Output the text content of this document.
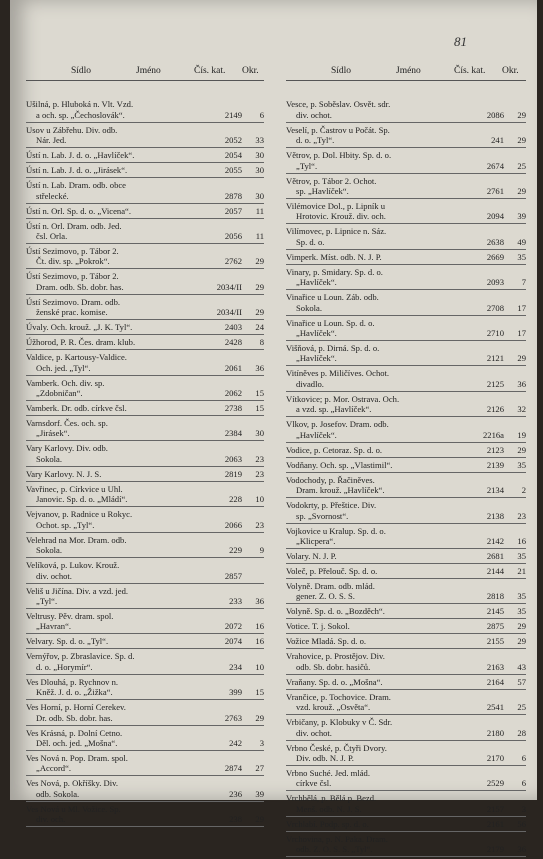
81
Sídlo	Jméno	Čís. kat.	Okr.
Ušilná, p. Hluboká n. Vlt. Vzd.
a och. sp. „Čechoslovák“.	2149	6
Usov u Zábřehu. Div. odb.
Nár. Jed.	2052	33
Ústí n. Lab. J. d. o. „Havlíček“.	2054	30
Ústí n. Lab. J. d. o. „Jirásek“.	2055	30
Ústí n. Lab. Dram. odb. obce
střelecké.	2878	30
Ústí n. Orl. Sp. d. o. „Vicena“.	2057	11
Ústí n. Orl. Dram. odb. Jed.
čsl. Orla.	2056	11
Ústí Sezimovo, p. Tábor 2.
Čt. div. sp. „Pokrok“.	2762	29
Ústí Sezimovo, p. Tábor 2.
Dram. odb. Sb. dobr. has.	2034/II	29
Ústí Sezimovo. Dram. odb.
ženské prac. komise.	2034/II	29
Úvaly. Och. krouž. „J. K. Tyl“.	2403	24
Úžhorod, P. R. Čes. dram. klub.	2428	8
Valdice, p. Kartousy-Valdice.
Och. jed. „Tyl“.	2061	36
Vamberk. Och. div. sp.
„Zdobničan“.	2062	15
Vamberk. Dr. odb. církve čsl.	2738	15
Varnsdorf. Čes. och. sp.
„Jirásek“.	2384	30
Vary Karlovy. Div. odb.
Sokola.	2063	23
Vary Karlovy. N. J. S.	2819	23
Vavřinec, p. Církvice u Uhl.
Janovic. Sp. d. o. „Mládí“.	228	10
Vejvanov, p. Radnice u Rokyc.
Ochot. sp. „Tyl“.	2066	23
Velehrad na Mor. Dram. odb.
Sokola.	229	9
Velíková, p. Lukov. Krouž.
div. ochot.	2857
Veliš u Jičína. Div. a vzd. jed.
„Tyl“.	233	36
Veltrusy. Pěv. dram. spol.
„Havran“.	2072	16
Velvary. Sp. d. o. „Tyl“.	2074	16
Vernýřov, p. Zbraslavice. Sp. d.
d. o. „Horymír“.	234	10
Ves Dlouhá, p. Rychnov n.
Kněž. J. d. o. „Žižka“.	399	15
Ves Horní, p. Horní Cerekev.
Dr. odb. Sb. dobr. has.	2763	29
Ves Krásná, p. Dolní Cetno.
Děl. och. jed. „Mošna“.	242	3
Ves Nová n. Pop. Dram. spol.
„Accord“.	2874	27
Ves Nová, p. Okříšky. Div.
odb. Sokola.	236	39
Ves Nová u Ml. Vožice. Sp.
div. och.	238	29
Sídlo	Jméno	Čís. kat.	Okr.
Vesce, p. Soběslav. Osvět. sdr.
div. ochot.	2086	29
Veselí, p. Častrov u Počát. Sp.
d. o. „Tyl“.	241	29
Větrov, p. Dol. Hbity. Sp. d. o.
„Tyl“.	2674	25
Větrov, p. Tábor 2. Ochot.
sp. „Havlíček“.	2761	29
Vilémovice Dol., p. Lipník u
Hrotovic. Krouž. div. och.	2094	39
Vilímovec, p. Lipnice n. Sáz.
Sp. d. o.	2638	49
Vimperk. Míst. odb. N. J. P.	2669	35
Vinary, p. Smidary. Sp. d. o.
„Havlíček“.	2093	7
Vinařice u Loun. Záb. odb.
Sokola.	2708	17
Vinařice u Loun. Sp. d. o.
„Havlíček“.	2710	17
Višňová, p. Dirná. Sp. d. o.
„Havlíček“.	2121	29
Vitíněves p. Miličíves. Ochot.
divadlo.	2125	36
Vítkovice; p. Mor. Ostrava. Och.
a vzd. sp. „Havlíček“.	2126	32
Vlkov, p. Josefov. Dram. odb.
„Havlíček“.	2216a	19
Vodice, p. Cetoraz. Sp. d. o.	2123	29
Vodňany. Och. sp. „Vlastimil“.	2139	35
Vodochody, p. Řačiněves.
Dram. krouž. „Havlíček“.	2134	2
Vodokrty, p. Přeštice. Div.
sp. „Svornost“.	2138	23
Vojkovice u Kralup. Sp. d. o.
„Klicpera“.	2142	16
Volary. N. J. P.	2681	35
Voleč, p. Přelouč. Sp. d. o.	2144	21
Volyně. Dram. odb. mlád.
gener. Z. O. S. S.	2818	35
Volyně. Sp. d. o. „Bozděch“.	2145	35
Votice. T. j. Sokol.	2875	29
Vožice Mladá. Sp. d. o.	2155	29
Vrahovice, p. Prostějov. Div.
odb. Sb. dobr. hasičů.	2163	43
Vraňany. Sp. d. o. „Mošna“.	2164	57
Vrančice, p. Tochovice. Dram.
vzd. krouž. „Osvěta“.	2541	25
Vrbičany, p. Klobuky v Č. Sdr.
div. ochot.	2180	28
Vrbno České, p. Čtyři Dvory.
Div. odb. N. J. P.	2170	6
Vrbno Suché. Jed. mlád.
církve čsl.	2529	6
Vrchbělá, p. Bělá p. Bezd.
Menš. odb. N. J. S.	2157	3
Vrchlabí. Podp. sp. d. o.	2161	56
Vrchovina, p. N. Paka. Dram.
odb. Z. O. S. S. „Tyl“.	2179	36
